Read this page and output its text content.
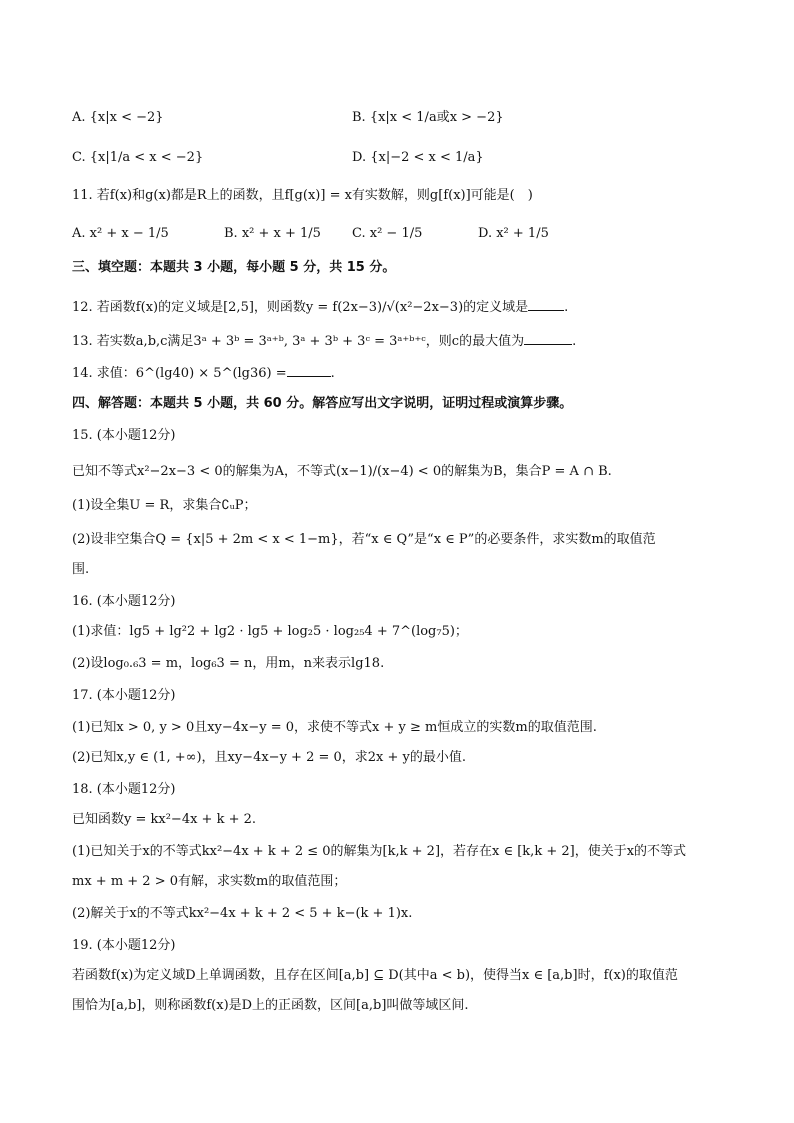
A. {x|x < −2}	B. {x|x < 1/a或x > −2}
C. {x|1/a < x < −2}	D. {x|−2 < x < 1/a}
11. 若f(x)和g(x)都是R上的函数，且f[g(x)] = x有实数解，则g[f(x)]可能是(　)
A. x² + x − 1/5	B. x² + x + 1/5 C. x² − 1/5	D. x² + 1/5
三、填空题：本题共 3 小题，每小题 5 分，共 15 分。
12. 若函数f(x)的定义域是[2,5]，则函数y = f(2x−3)/√(x²−2x−3)的定义域是	.
13. 若实数a,b,c满足3ᵃ + 3ᵇ = 3ᵃ⁺ᵇ, 3ᵃ + 3ᵇ + 3ᶜ = 3ᵃ⁺ᵇ⁺ᶜ，则c的最大值为	.
14. 求值：6^(lg40) × 5^(lg36) =	.
四、解答题：本题共 5 小题，共 60 分。解答应写出文字说明，证明过程或演算步骤。
15. (本小题12分)
已知不等式x²−2x−3 < 0的解集为A，不等式(x−1)/(x−4) < 0的解集为B，集合P = A ∩ B.
(1)设全集U = R，求集合∁ᵤP；
(2)设非空集合Q = {x|5 + 2m < x < 1−m}，若“x ∈ Q”是“x ∈ P”的必要条件，求实数m的取值范
围.
16. (本小题12分)
(1)求值：lg5 + lg²2 + lg2 · lg5 + log₂5 · log₂₅4 + 7^(log₇5)；
(2)设log₀.₆3 = m，log₆3 = n，用m，n来表示lg18.
17. (本小题12分)
(1)已知x > 0, y > 0且xy−4x−y = 0，求使不等式x + y ≥ m恒成立的实数m的取值范围.
(2)已知x,y ∈ (1, +∞)，且xy−4x−y + 2 = 0，求2x + y的最小值.
18. (本小题12分)
已知函数y = kx²−4x + k + 2.
(1)已知关于x的不等式kx²−4x + k + 2 ≤ 0的解集为[k,k + 2]，若存在x ∈ [k,k + 2]，使关于x的不等式
mx + m + 2 > 0有解，求实数m的取值范围；
(2)解关于x的不等式kx²−4x + k + 2 < 5 + k−(k + 1)x.
19. (本小题12分)
若函数f(x)为定义域D上单调函数，且存在区间[a,b] ⊆ D(其中a < b)，使得当x ∈ [a,b]时，f(x)的取值范
围恰为[a,b]，则称函数f(x)是D上的正函数，区间[a,b]叫做等域区间.
